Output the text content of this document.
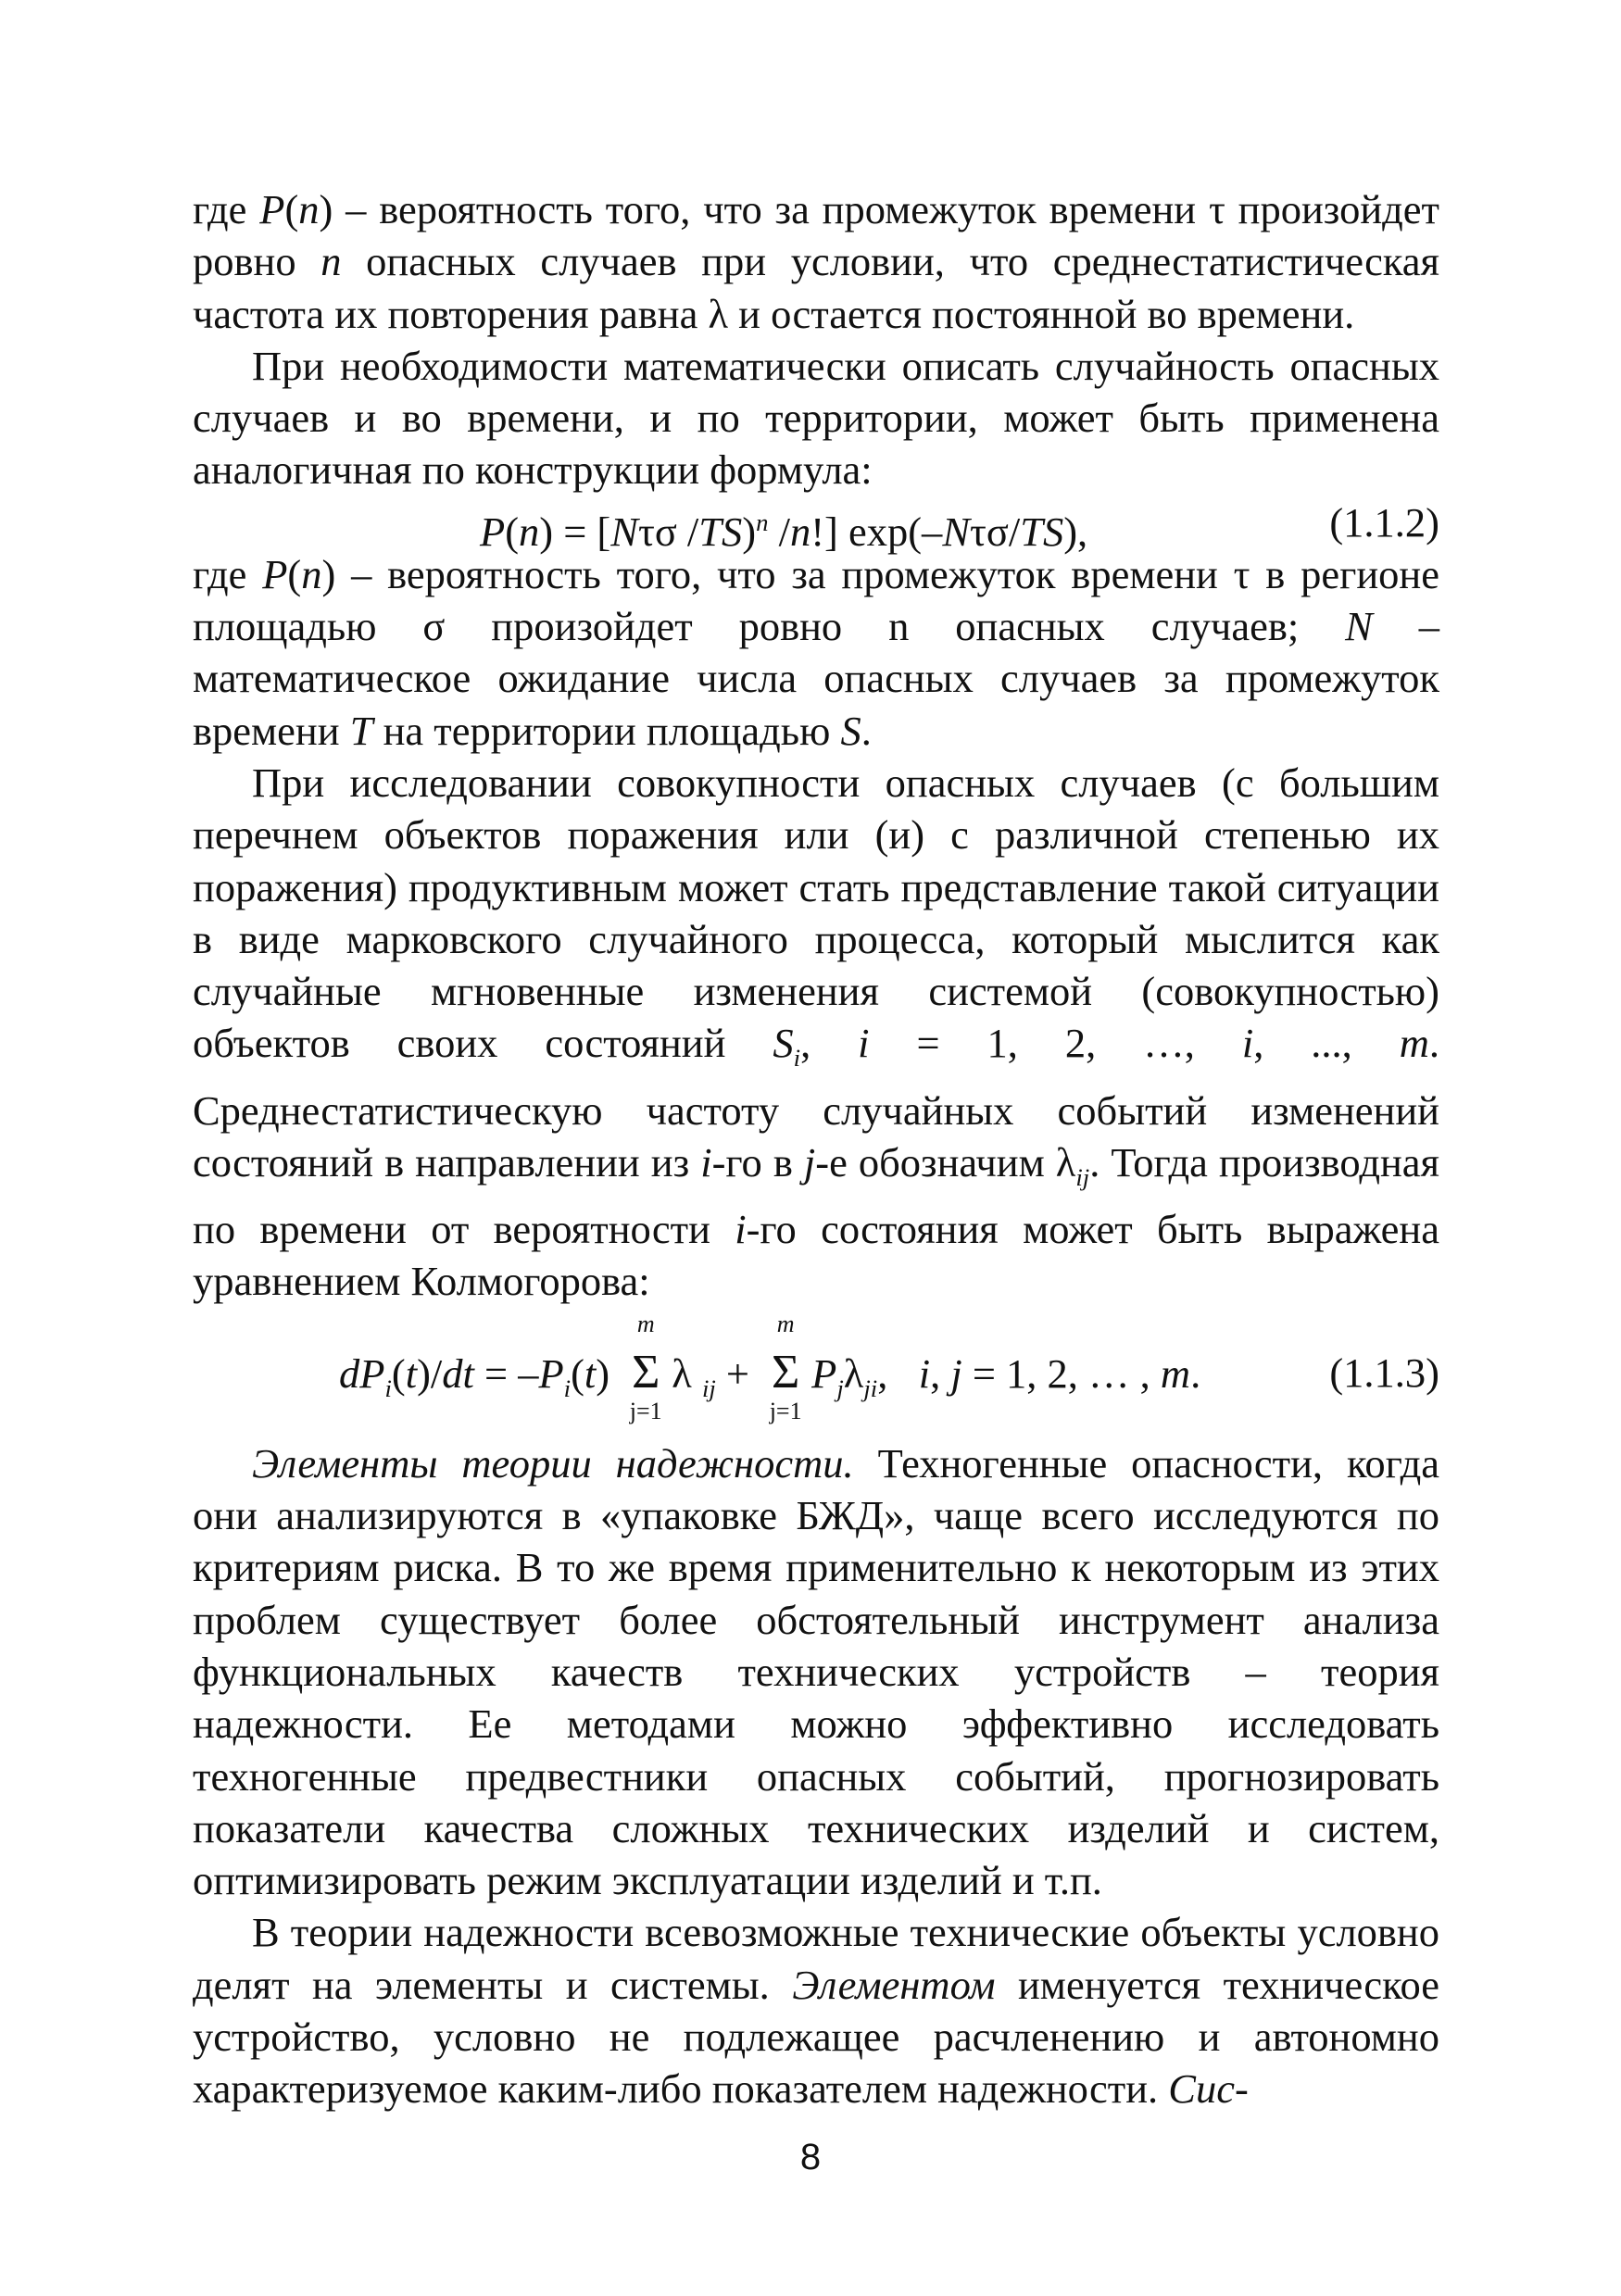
где P(n) – вероятность того, что за промежуток времени τ произойдет ровно n опасных случаев при условии, что среднестатистическая частота их повторения равна λ и остается постоянной во времени.

При необходимости математически описать случайность опасных случаев и во времени, и по территории, может быть применена аналогичная по конструкции формула:

P(n) = [Nτσ /TS)$^n$ /n!] exp(–Nτσ/TS),	(1.1.2)

где P(n) – вероятность того, что за промежуток времени τ в регионе площадью σ произойдет ровно n опасных случаев; N – математическое ожидание числа опасных случаев за промежуток времени T на территории площадью S.

При исследовании совокупности опасных случаев (с большим перечнем объектов поражения или (и) с различной степенью их поражения) продуктивным может стать представление такой ситуации в виде марковского случайного процесса, который мыслится как случайные мгновенные изменения системой (совокупностью) объектов своих состояний $S_i$, i = 1, 2, …, i, ..., m. Среднестатистическую частоту случайных событий изменений состояний в направлении из i-го в j-е обозначим $\lambda_{ij}$. Тогда производная по времени от вероятности i-го состояния может быть выражена уравнением Колмогорова:

$dP_i(t)/dt = -P_i(t)$
m
Σ
j=1
λ $_{ij}$ +
m
Σ
j=1
$P_j\lambda_{ji}$,   i, j = 1, 2, … , m.	(1.1.3)

Элементы теории надежности. Техногенные опасности, когда они анализируются в «упаковке БЖД», чаще всего исследуются по критериям риска. В то же время применительно к некоторым из этих проблем существует более обстоятельный инструмент анализа функциональных качеств технических устройств – теория надежности. Ее методами можно эффективно исследовать техногенные предвестники опасных событий, прогнозировать показатели качества сложных технических изделий и систем, оптимизировать режим эксплуатации изделий и т.п.

В теории надежности всевозможные технические объекты условно делят на элементы и системы. Элементом именуется техническое устройство, условно не подлежащее расчленению и автономно характеризуемое каким-либо показателем надежности. Сис-

8
